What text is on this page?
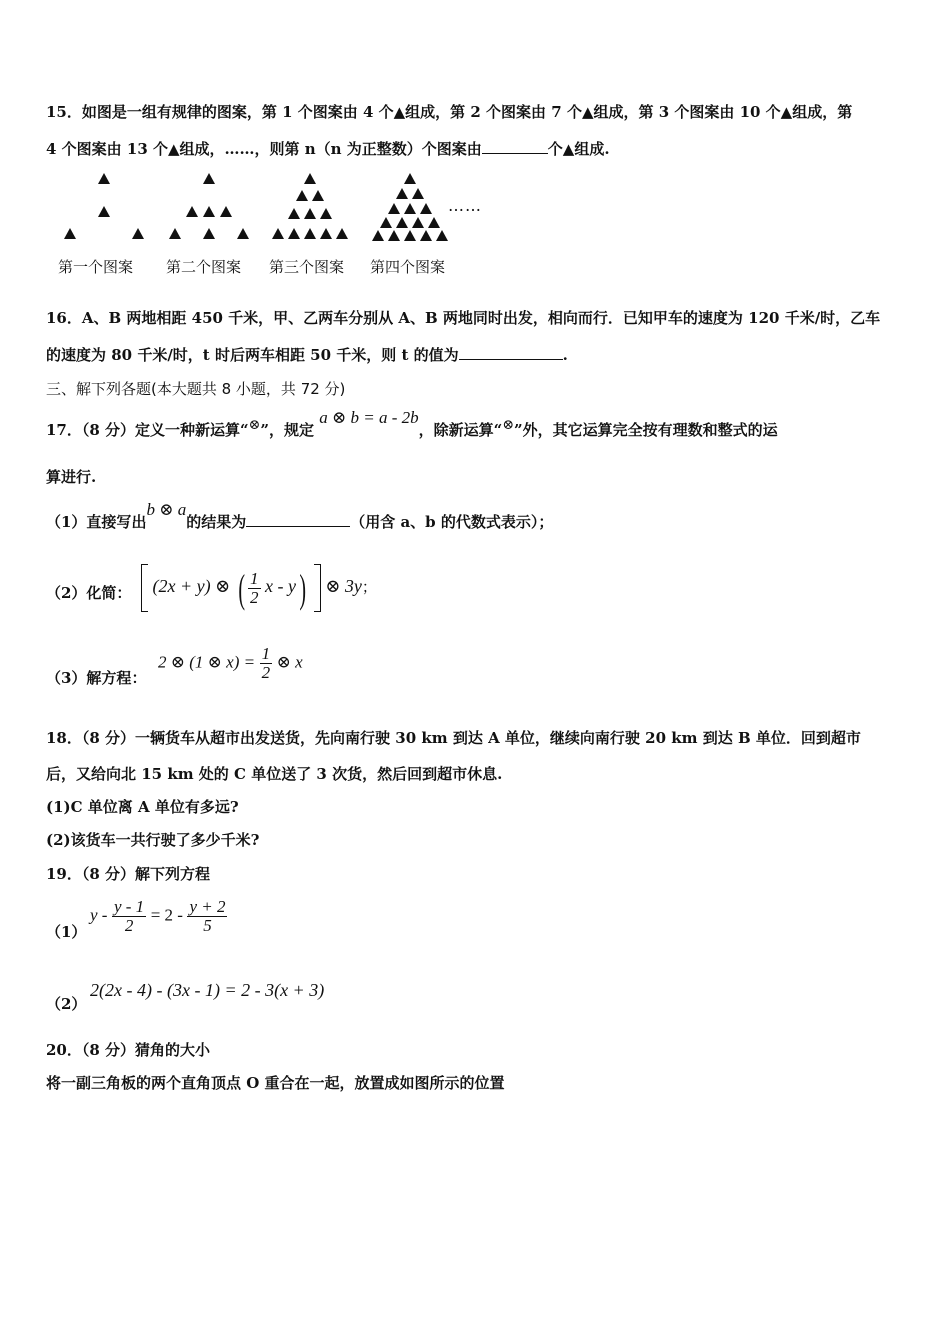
15．如图是一组有规律的图案，第 1 个图案由 4 个▲组成，第 2 个图案由 7 个▲组成，第 3 个图案由 10 个▲组成，第
4 个图案由 13 个▲组成，……，则第 n（n 为正整数）个图案由	个▲组成.
……
第一个图案 第二个图案 第三个图案 第四个图案
16．A、B 两地相距 450 千米，甲、乙两车分别从 A、B 两地同时出发，相向而行．已知甲车的速度为 120 千米/时，乙车
的速度为 80 千米/时，t 时后两车相距 50 千米，则 t 的值为	.
三、解下列各题(本大题共 8 小题，共 72 分)
17．（8 分）定义一种新运算“⊗”，规定 a ⊗ b = a - 2b，除新运算“⊗”外，其它运算完全按有理数和整式的运
算进行.
（1）直接写出b ⊗ a的结果为	（用含 a、b 的代数式表示）；
（2）化简：	(2x + y) ⊗ ( $\frac{1}{2}$ x - y) ⊗ 3y；
（3）解方程：
2 ⊗ (1 ⊗ $x) = \frac{1}{2}$ ⊗ x
18．（8 分）一辆货车从超市出发送货，先向南行驶 30 km 到达 A 单位，继续向南行驶 20 km 到达 B 单位．回到超市
后，又给向北 15 km 处的 C 单位送了 3 次货，然后回到超市休息.
(1)C 单位离 A 单位有多远?
(2)该货车一共行驶了多少千米?
19．（8 分）解下列方程
（1）
$y - \frac{y - 1}{2} = 2 - \frac{y + 2}{5}$
（2）
2(2x - 4) - (3x - 1) = 2 - 3(x + 3)
20．（8 分）猜角的大小
将一副三角板的两个直角顶点 O 重合在一起，放置成如图所示的位置
